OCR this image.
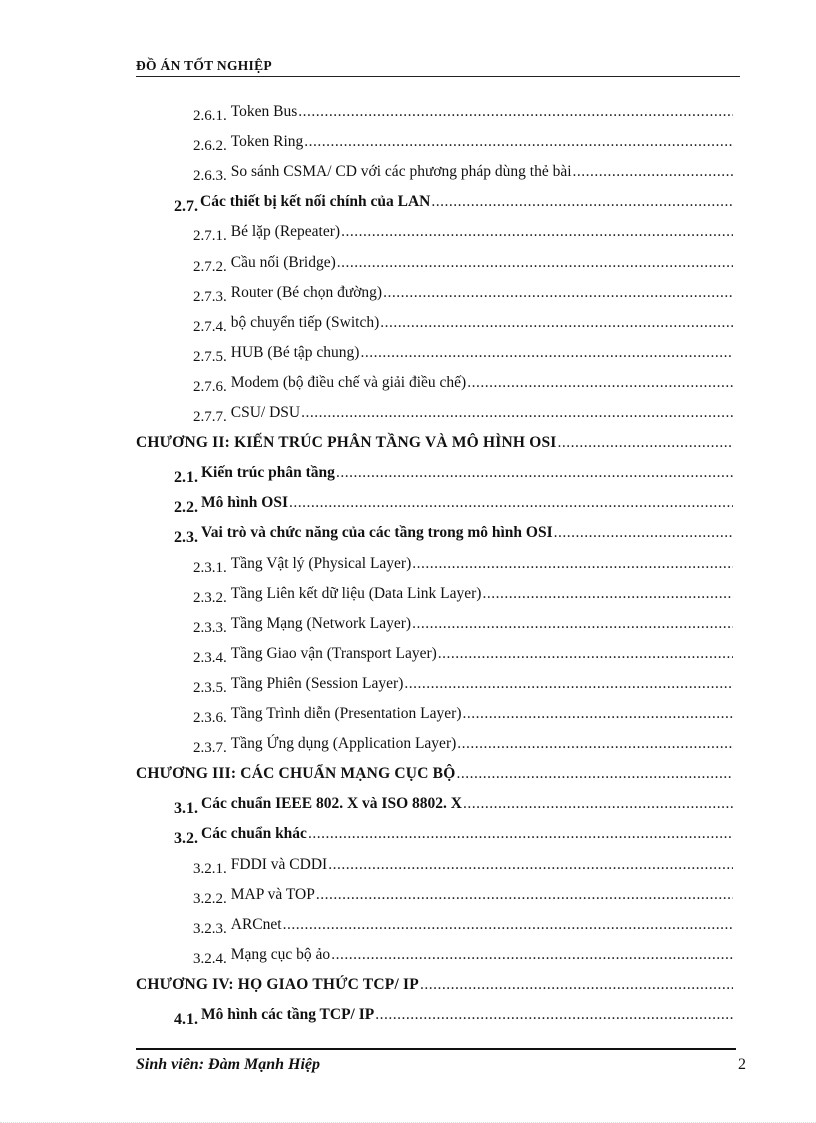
ĐỒ ÁN TỐT NGHIỆP
2.6.1. Token Bus
.....
2.6.2. Token Ring
.....
2.6.3. So sánh CSMA/ CD với các phương pháp dùng thẻ bài
.....
2.7. Các thiết bị kết nối chính của LAN
.....
2.7.1. Bé lặp (Repeater)
.....
2.7.2. Cầu nối (Bridge)
.....
2.7.3. Router (Bé chọn đường)
.....
2.7.4. bộ chuyển tiếp (Switch)
.....
2.7.5. HUB (Bé tập chung)
.....
2.7.6. Modem (bộ điều chế và giải điều chế)
.....
2.7.7. CSU/ DSU
.....
CHƯƠNG II: KIẾN TRÚC PHÂN TẦNG VÀ MÔ HÌNH OSI
.....
2.1. Kiến trúc phân tầng
.....
2.2. Mô hình OSI
.....
2.3. Vai trò và chức năng của các tầng trong mô hình OSI
.....
2.3.1. Tầng Vật lý (Physical Layer)
.....
2.3.2. Tầng Liên kết dữ liệu (Data Link Layer)
.....
2.3.3. Tầng Mạng (Network Layer)
.....
2.3.4. Tầng Giao vận (Transport Layer)
.....
2.3.5. Tầng Phiên (Session Layer)
.....
2.3.6. Tầng Trình diễn (Presentation Layer)
.....
2.3.7. Tầng Ứng dụng (Application Layer)
.....
CHƯƠNG III: CÁC CHUẨN MẠNG CỤC BỘ
.....
3.1. Các chuẩn IEEE 802. X và ISO 8802. X
.....
3.2. Các chuẩn khác
.....
3.2.1. FDDI và CDDI
.....
3.2.2. MAP và TOP
.....
3.2.3. ARCnet
.....
3.2.4. Mạng cục bộ ảo
.....
CHƯƠNG IV: HỌ GIAO THỨC TCP/ IP
.....
4.1. Mô hình các tầng TCP/ IP
.....
Sinh viên: Đàm Mạnh Hiệp	2
